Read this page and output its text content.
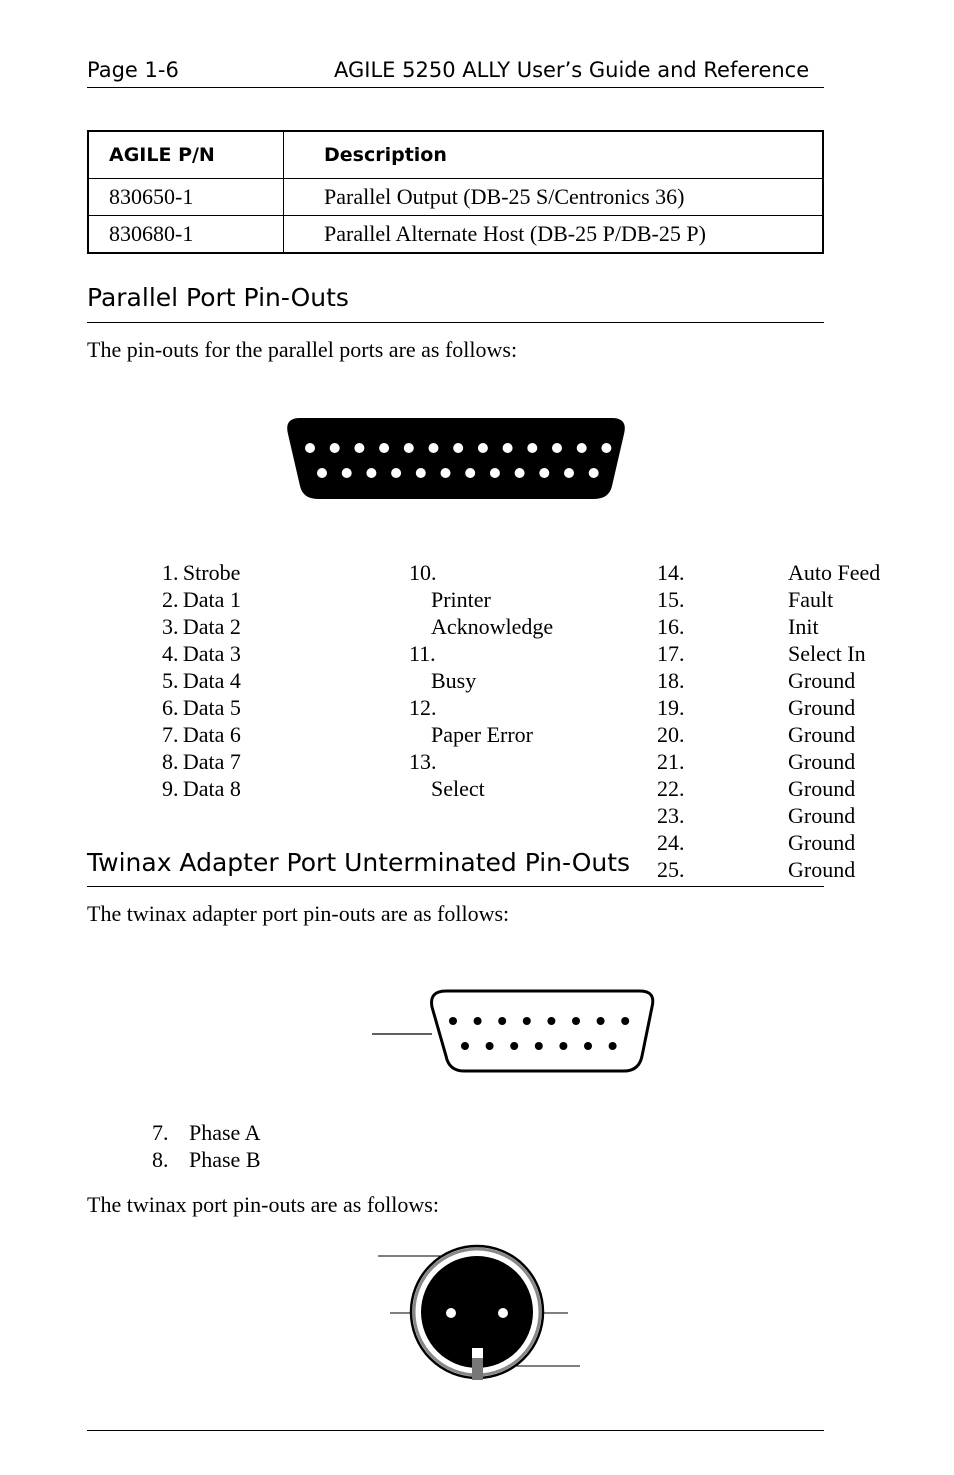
Page 1-6	AGILE 5250 ALLY User’s Guide and Reference
AGILE P/N	Description
830650-1	Parallel Output (DB-25 S/Centronics 36)
830680-1	Parallel Alternate Host (DB-25 P/DB-25 P)
Parallel Port Pin-Outs
The pin-outs for the parallel ports are as follows:
1.  Strobe
2.  Data 1
3.  Data 2
4.  Data 3
5.  Data 4
6.  Data 5
7.  Data 6
8.  Data 7
9.  Data 8
10.
Printer Acknowledge
11.
Busy
12.
Paper Error
13.
Select
14.	Auto Feed
15.	Fault
16.	Init
17.	Select In
18.	Ground
19.	Ground
20.	Ground
21.	Ground
22.	Ground
23.	Ground
24.	Ground
25.	Ground
Twinax Adapter Port Unterminated Pin-Outs
The twinax adapter port pin-outs are as follows:
7. Phase A
8. Phase B
The twinax port pin-outs are as follows:
